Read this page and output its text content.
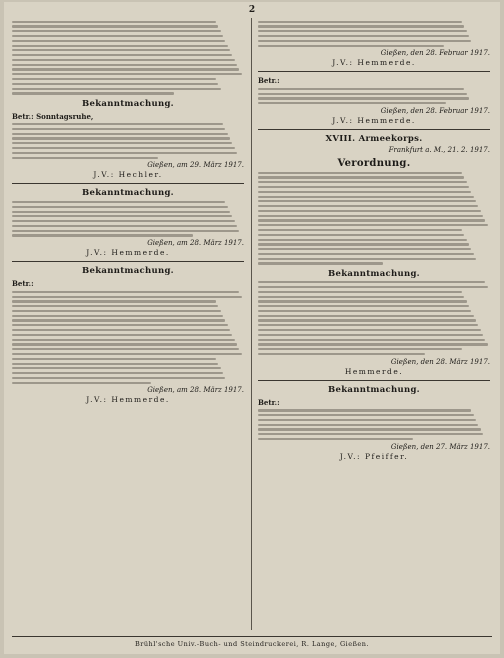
2
Bekanntmachung.
Betr.: Sonntagsruhe,
Gießen, am 29. März 1917.
J.V.: Hechler.
Bekanntmachung.
Gießen, am 28. März 1917.
J.V.: Hemmerde.
Bekanntmachung.
Betr.:
Gießen, am 28. März 1917.
J.V.: Hemmerde.
Gießen, den 28. Februar 1917.
J.V.: Hemmerde.
Betr.:
Gießen, den 28. Februar 1917.
J.V.: Hemmerde.
XVIII. Armeekorps.
Frankfurt a. M., 21. 2. 1917.
Verordnung.
Bekanntmachung.
Gießen, den 28. März 1917.
Hemmerde.
Bekanntmachung.
Betr.:
Gießen, den 27. März 1917.
J.V.: Pfeiffer.
Brühl'sche Univ.-Buch- und Steindruckerei, R. Lange, Gießen.
